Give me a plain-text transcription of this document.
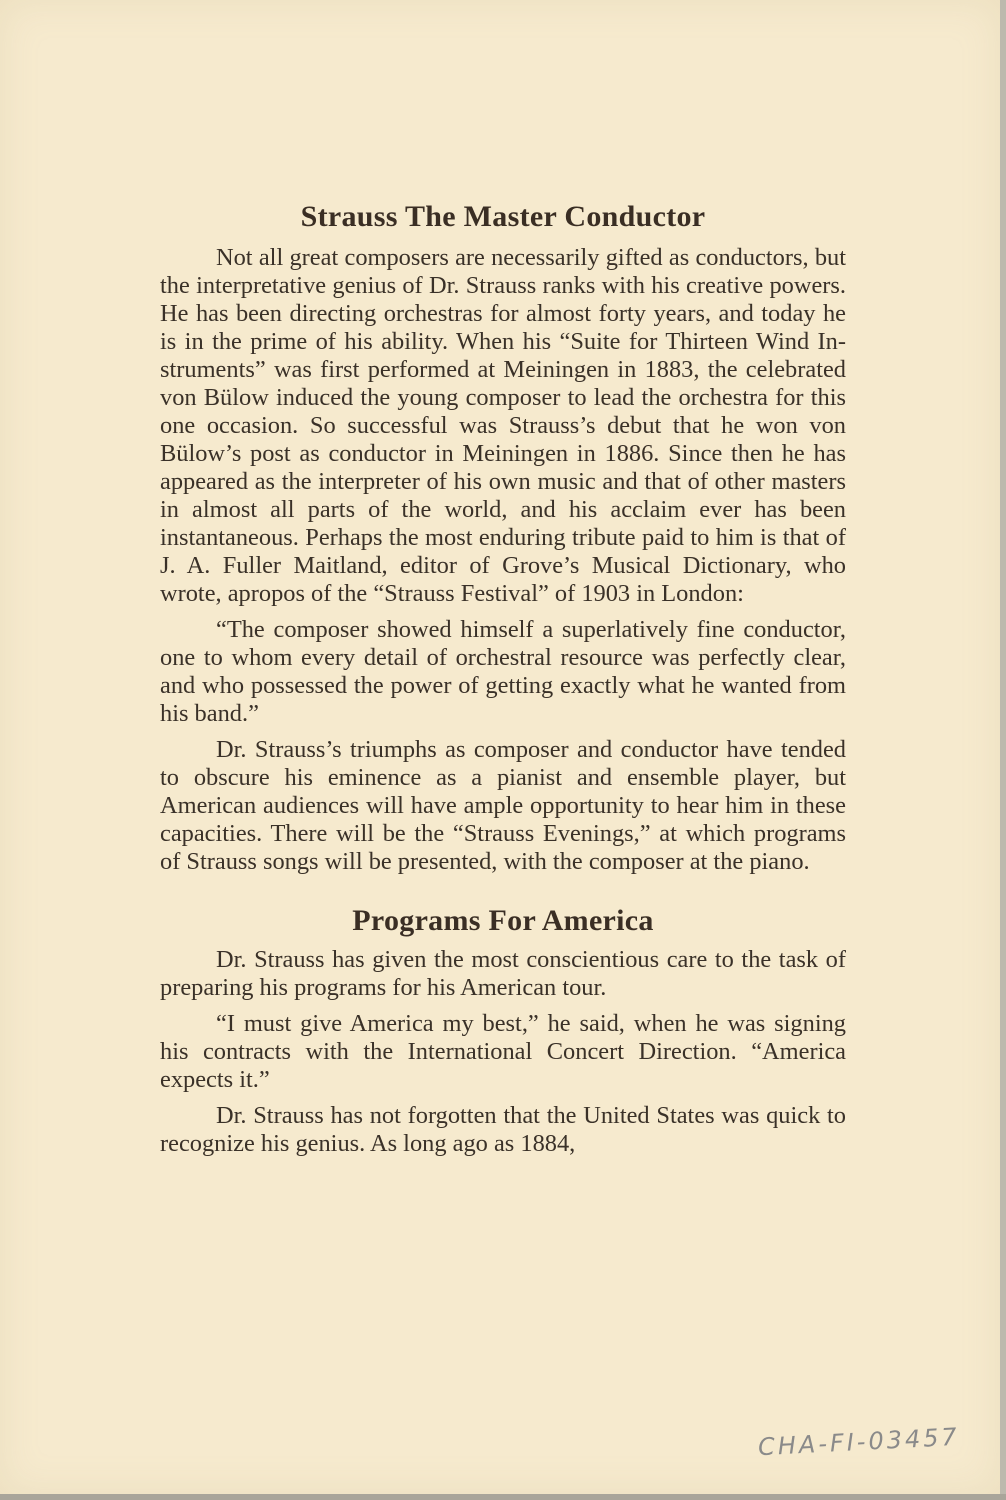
Strauss The Master Conductor

Not all great composers are necessarily gifted as conductors, but the interpretative genius of Dr. Strauss ranks with his creative powers. He has been directing orchestras for almost forty years, and today he is in the prime of his ability. When his “Suite for Thirteen Wind Instruments” was first performed at Meiningen in 1883, the celebrated von Bülow induced the young composer to lead the orchestra for this one occasion. So successful was Strauss’s debut that he won von Bülow’s post as conductor in Meiningen in 1886. Since then he has appeared as the interpreter of his own music and that of other masters in almost all parts of the world, and his acclaim ever has been instantaneous. Perhaps the most enduring tribute paid to him is that of J. A. Fuller Maitland, editor of Grove’s Musical Dictionary, who wrote, apropos of the “Strauss Festival” of 1903 in London:

“The composer showed himself a superlatively fine conductor, one to whom every detail of orchestral resource was perfectly clear, and who possessed the power of getting exactly what he wanted from his band.”

Dr. Strauss’s triumphs as composer and conductor have tended to obscure his eminence as a pianist and ensemble player, but American audiences will have ample opportunity to hear him in these capacities. There will be the “Strauss Evenings,” at which programs of Strauss songs will be presented, with the composer at the piano.

Programs For America

Dr. Strauss has given the most conscientious care to the task of preparing his programs for his American tour.

“I must give America my best,” he said, when he was signing his contracts with the International Concert Direction. “America expects it.”

Dr. Strauss has not forgotten that the United States was quick to recognize his genius. As long ago as 1884,

CHA-FI-03457
